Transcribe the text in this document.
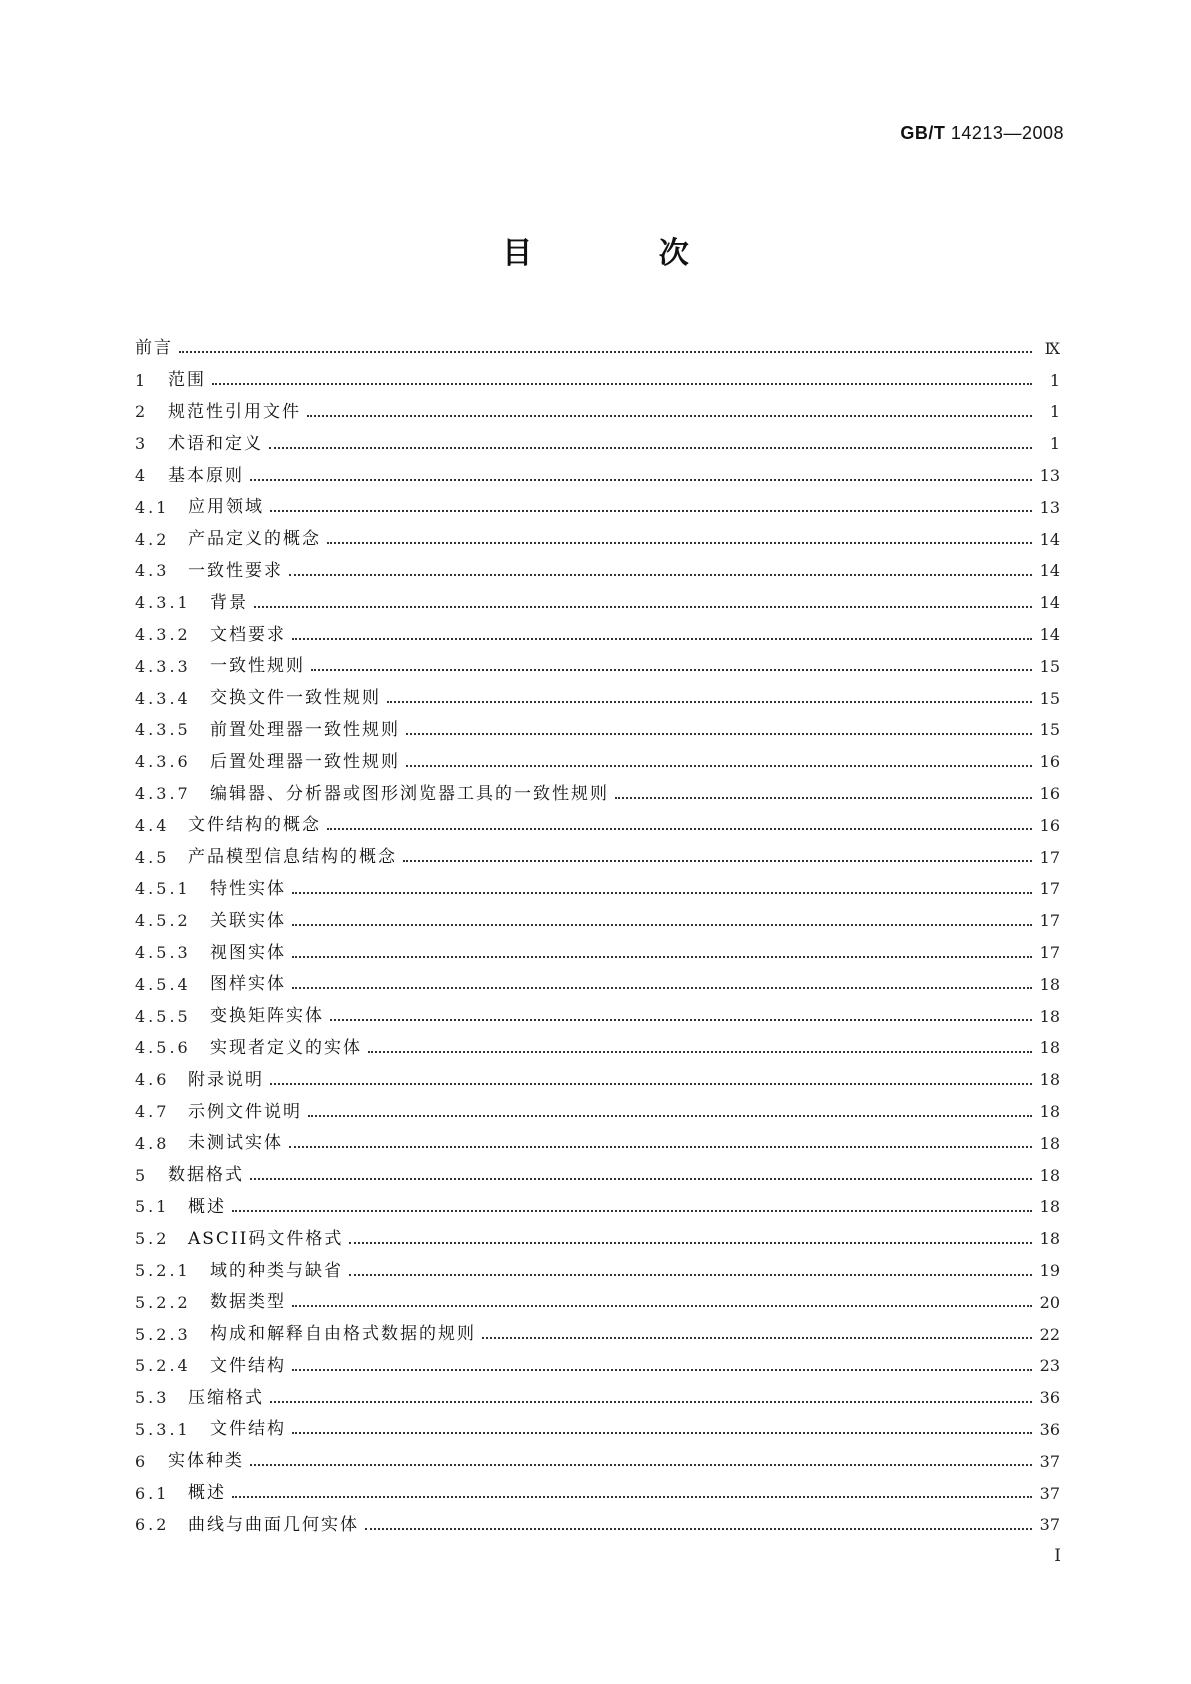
GB/T 14213—2008
目 次
前言	Ⅸ
1	范围	1
2	规范性引用文件	1
3	术语和定义	1
4	基本原则	13
4.1	应用领域	13
4.2	产品定义的概念	14
4.3	一致性要求	14
4.3.1	背景	14
4.3.2	文档要求	14
4.3.3	一致性规则	15
4.3.4	交换文件一致性规则	15
4.3.5	前置处理器一致性规则	15
4.3.6	后置处理器一致性规则	16
4.3.7	编辑器、分析器或图形浏览器工具的一致性规则	16
4.4	文件结构的概念	16
4.5	产品模型信息结构的概念	17
4.5.1	特性实体	17
4.5.2	关联实体	17
4.5.3	视图实体	17
4.5.4	图样实体	18
4.5.5	变换矩阵实体	18
4.5.6	实现者定义的实体	18
4.6	附录说明	18
4.7	示例文件说明	18
4.8	未测试实体	18
5	数据格式	18
5.1	概述	18
5.2	ASCII码文件格式	18
5.2.1	域的种类与缺省	19
5.2.2	数据类型	20
5.2.3	构成和解释自由格式数据的规则	22
5.2.4	文件结构	23
5.3	压缩格式	36
5.3.1	文件结构	36
6	实体种类	37
6.1	概述	37
6.2	曲线与曲面几何实体	37
I
